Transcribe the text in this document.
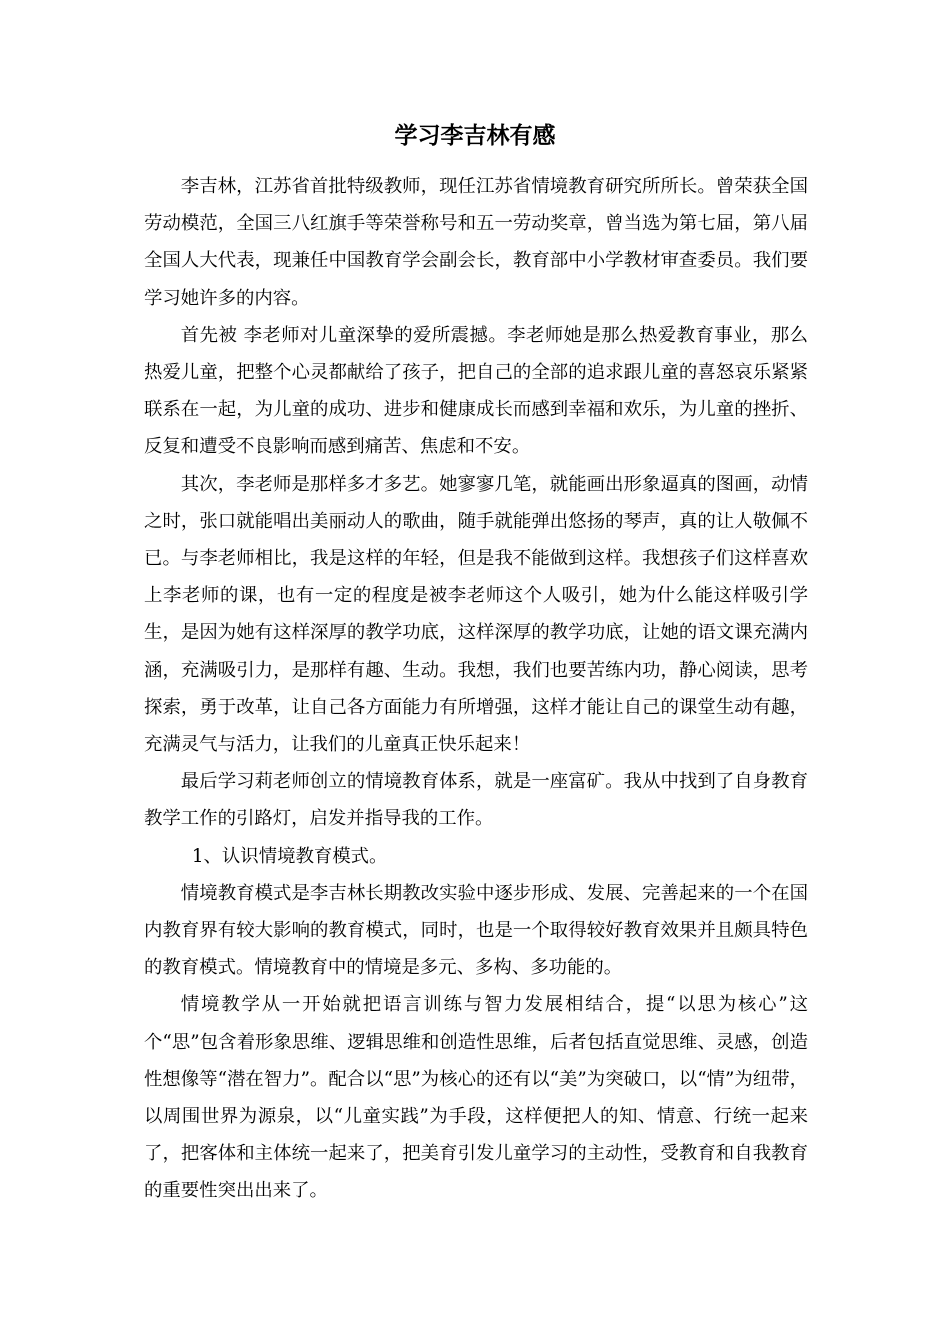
学习李吉林有感

李吉林，江苏省首批特级教师，现任江苏省情境教育研究所所长。曾荣获全国劳动模范，全国三八红旗手等荣誉称号和五一劳动奖章，曾当选为第七届，第八届全国人大代表，现兼任中国教育学会副会长，教育部中小学教材审查委员。我们要学习她许多的内容。

首先被 李老师对儿童深挚的爱所震撼。李老师她是那么热爱教育事业，那么热爱儿童，把整个心灵都献给了孩子，把自己的全部的追求跟儿童的喜怒哀乐紧紧联系在一起，为儿童的成功、进步和健康成长而感到幸福和欢乐，为儿童的挫折、反复和遭受不良影响而感到痛苦、焦虑和不安。

其次，李老师是那样多才多艺。她寥寥几笔，就能画出形象逼真的图画，动情之时，张口就能唱出美丽动人的歌曲，随手就能弹出悠扬的琴声，真的让人敬佩不已。与李老师相比，我是这样的年轻，但是我不能做到这样。我想孩子们这样喜欢上李老师的课，也有一定的程度是被李老师这个人吸引，她为什么能这样吸引学生，是因为她有这样深厚的教学功底，这样深厚的教学功底，让她的语文课充满内涵，充满吸引力，是那样有趣、生动。我想，我们也要苦练内功，静心阅读，思考探索，勇于改革，让自己各方面能力有所增强，这样才能让自己的课堂生动有趣，充满灵气与活力，让我们的儿童真正快乐起来！

最后学习莉老师创立的情境教育体系，就是一座富矿。我从中找到了自身教育教学工作的引路灯，启发并指导我的工作。

1、认识情境教育模式。

情境教育模式是李吉林长期教改实验中逐步形成、发展、完善起来的一个在国内教育界有较大影响的教育模式，同时，也是一个取得较好教育效果并且颇具特色的教育模式。情境教育中的情境是多元、多构、多功能的。

情境教学从一开始就把语言训练与智力发展相结合，提“以思为核心”这个“思”包含着形象思维、逻辑思维和创造性思维，后者包括直觉思维、灵感，创造性想像等“潜在智力”。配合以“思”为核心的还有以“美”为突破口，以“情”为纽带，以周围世界为源泉，以“儿童实践”为手段，这样便把人的知、情意、行统一起来了，把客体和主体统一起来了，把美育引发儿童学习的主动性，受教育和自我教育的重要性突出出来了。
